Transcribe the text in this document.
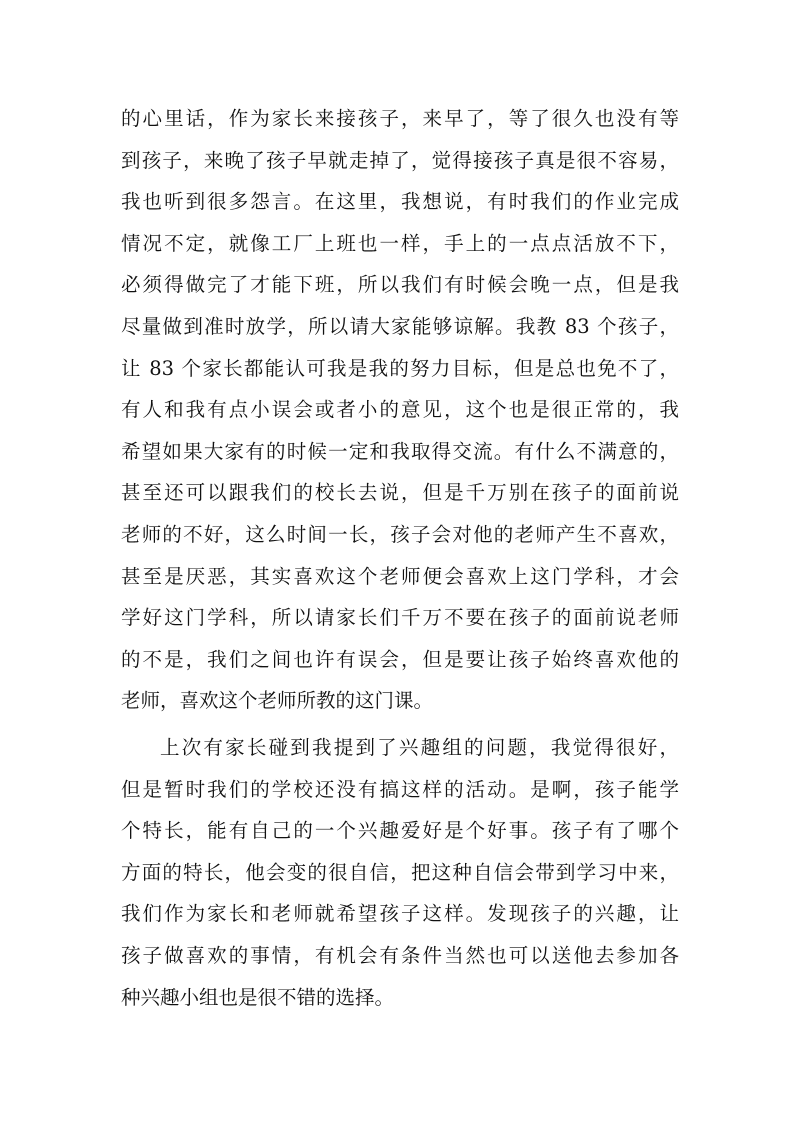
的心里话，作为家长来接孩子，来早了，等了很久也没有等
到孩子，来晚了孩子早就走掉了，觉得接孩子真是很不容易，
我也听到很多怨言。在这里，我想说，有时我们的作业完成
情况不定，就像工厂上班也一样，手上的一点点活放不下，
必须得做完了才能下班，所以我们有时候会晚一点，但是我
尽量做到准时放学，所以请大家能够谅解。我教 83 个孩子，
让 83 个家长都能认可我是我的努力目标，但是总也免不了，
有人和我有点小误会或者小的意见，这个也是很正常的，我
希望如果大家有的时候一定和我取得交流。有什么不满意的，
甚至还可以跟我们的校长去说，但是千万别在孩子的面前说
老师的不好，这么时间一长，孩子会对他的老师产生不喜欢，
甚至是厌恶，其实喜欢这个老师便会喜欢上这门学科，才会
学好这门学科，所以请家长们千万不要在孩子的面前说老师
的不是，我们之间也许有误会，但是要让孩子始终喜欢他的
老师，喜欢这个老师所教的这门课。
上次有家长碰到我提到了兴趣组的问题，我觉得很好，
但是暂时我们的学校还没有搞这样的活动。是啊，孩子能学
个特长，能有自己的一个兴趣爱好是个好事。孩子有了哪个
方面的特长，他会变的很自信，把这种自信会带到学习中来，
我们作为家长和老师就希望孩子这样。发现孩子的兴趣，让
孩子做喜欢的事情，有机会有条件当然也可以送他去参加各
种兴趣小组也是很不错的选择。
